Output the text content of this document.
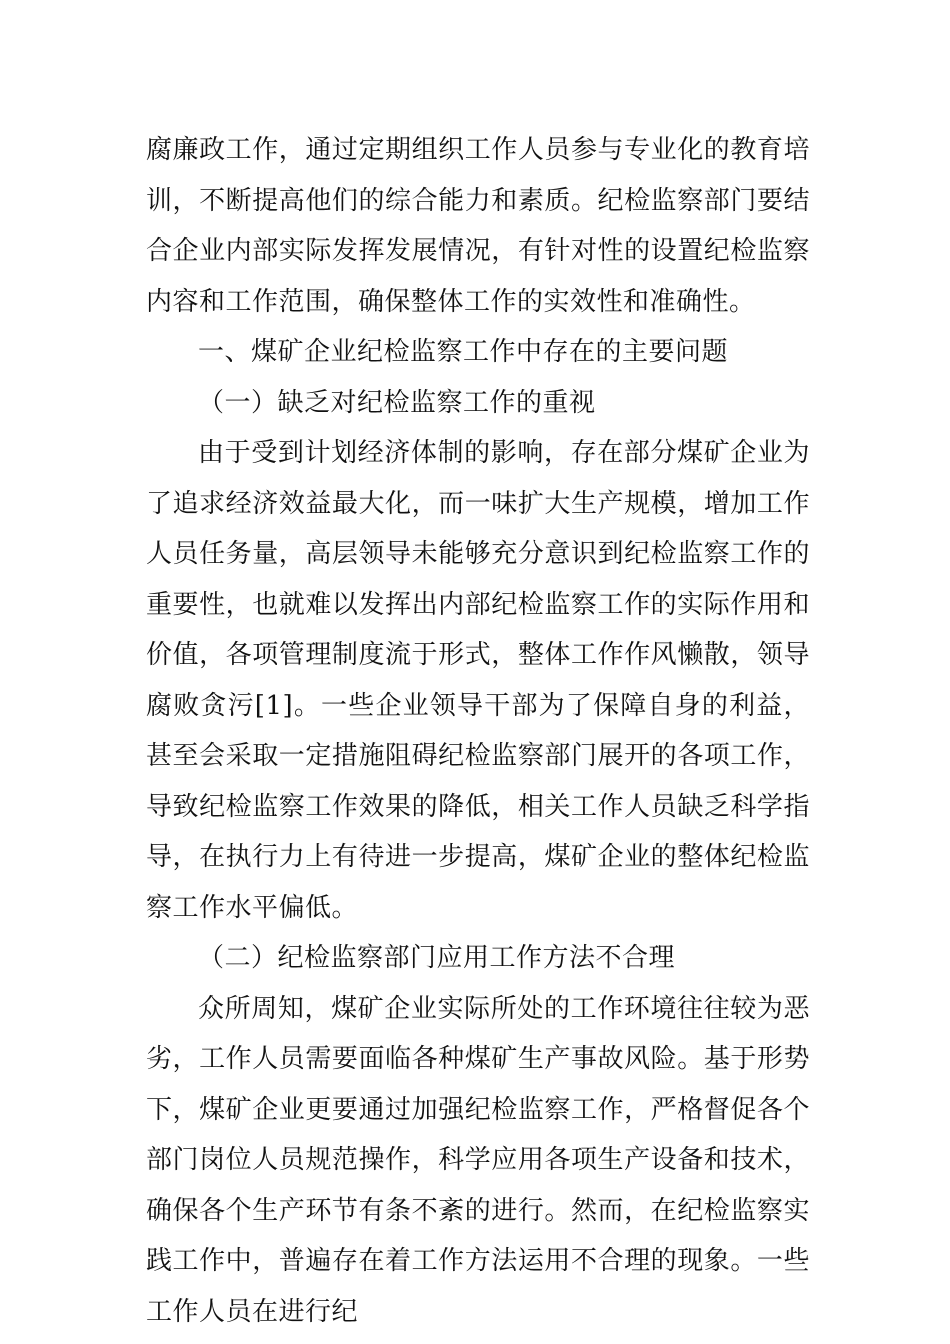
腐廉政工作，通过定期组织工作人员参与专业化的教育培训，不断提高他们的综合能力和素质。纪检监察部门要结合企业内部实际发挥发展情况，有针对性的设置纪检监察内容和工作范围，确保整体工作的实效性和准确性。

一、煤矿企业纪检监察工作中存在的主要问题

（一）缺乏对纪检监察工作的重视

由于受到计划经济体制的影响，存在部分煤矿企业为了追求经济效益最大化，而一味扩大生产规模，增加工作人员任务量，高层领导未能够充分意识到纪检监察工作的重要性，也就难以发挥出内部纪检监察工作的实际作用和价值，各项管理制度流于形式，整体工作作风懒散，领导腐败贪污[1]。一些企业领导干部为了保障自身的利益，甚至会采取一定措施阻碍纪检监察部门展开的各项工作，导致纪检监察工作效果的降低，相关工作人员缺乏科学指导，在执行力上有待进一步提高，煤矿企业的整体纪检监察工作水平偏低。

（二）纪检监察部门应用工作方法不合理

众所周知，煤矿企业实际所处的工作环境往往较为恶劣，工作人员需要面临各种煤矿生产事故风险。基于形势下，煤矿企业更要通过加强纪检监察工作，严格督促各个部门岗位人员规范操作，科学应用各项生产设备和技术，确保各个生产环节有条不紊的进行。然而，在纪检监察实践工作中，普遍存在着工作方法运用不合理的现象。一些工作人员在进行纪
